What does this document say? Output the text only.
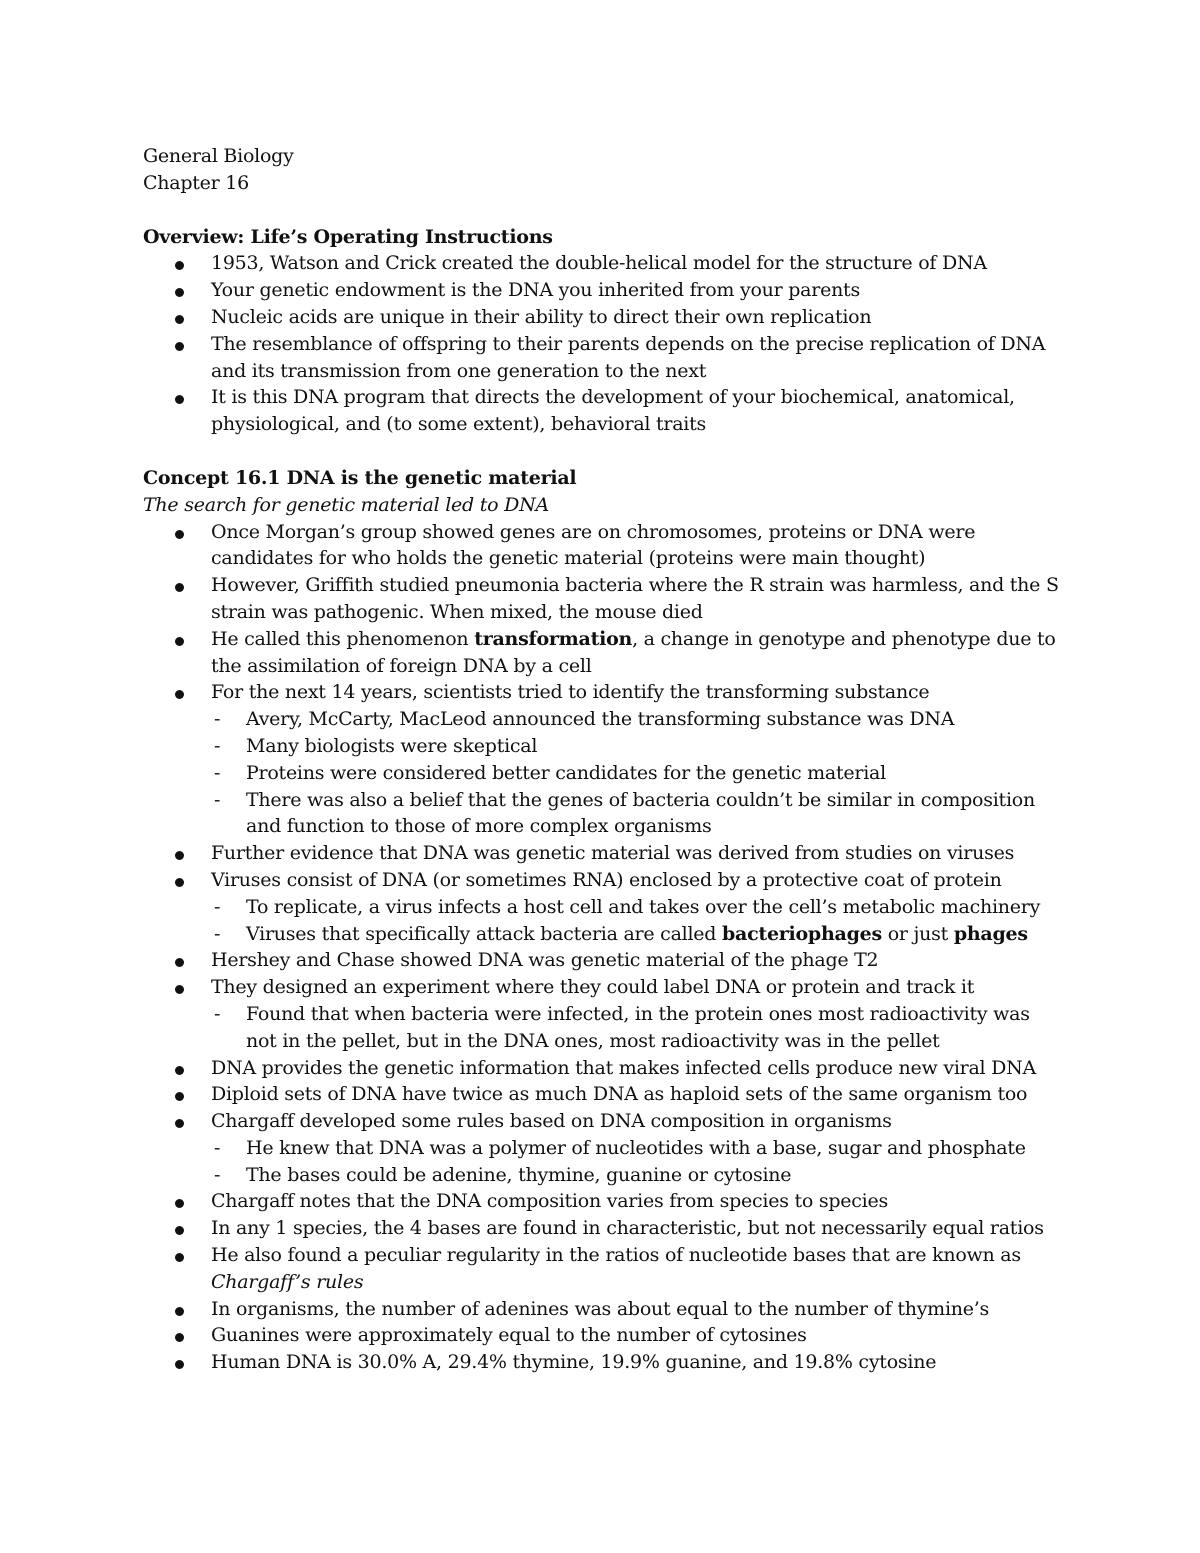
General Biology
Chapter 16
Overview: Life’s Operating Instructions
1953, Watson and Crick created the double-helical model for the structure of DNA
Your genetic endowment is the DNA you inherited from your parents
Nucleic acids are unique in their ability to direct their own replication
The resemblance of offspring to their parents depends on the precise replication of DNA
and its transmission from one generation to the next
It is this DNA program that directs the development of your biochemical, anatomical,
physiological, and (to some extent), behavioral traits
Concept 16.1 DNA is the genetic material
The search for genetic material led to DNA
Once Morgan’s group showed genes are on chromosomes, proteins or DNA were
candidates for who holds the genetic material (proteins were main thought)
However, Griffith studied pneumonia bacteria where the R strain was harmless, and the S
strain was pathogenic. When mixed, the mouse died
He called this phenomenon transformation, a change in genotype and phenotype due to
the assimilation of foreign DNA by a cell
For the next 14 years, scientists tried to identify the transforming substance
- Avery, McCarty, MacLeod announced the transforming substance was DNA
- Many biologists were skeptical
- Proteins were considered better candidates for the genetic material
- There was also a belief that the genes of bacteria couldn’t be similar in composition
and function to those of more complex organisms
Further evidence that DNA was genetic material was derived from studies on viruses
Viruses consist of DNA (or sometimes RNA) enclosed by a protective coat of protein
- To replicate, a virus infects a host cell and takes over the cell’s metabolic machinery
- Viruses that specifically attack bacteria are called bacteriophages or just phages
Hershey and Chase showed DNA was genetic material of the phage T2
They designed an experiment where they could label DNA or protein and track it
- Found that when bacteria were infected, in the protein ones most radioactivity was
not in the pellet, but in the DNA ones, most radioactivity was in the pellet
DNA provides the genetic information that makes infected cells produce new viral DNA
Diploid sets of DNA have twice as much DNA as haploid sets of the same organism too
Chargaff developed some rules based on DNA composition in organisms
- He knew that DNA was a polymer of nucleotides with a base, sugar and phosphate
- The bases could be adenine, thymine, guanine or cytosine
Chargaff notes that the DNA composition varies from species to species
In any 1 species, the 4 bases are found in characteristic, but not necessarily equal ratios
He also found a peculiar regularity in the ratios of nucleotide bases that are known as
Chargaff’s rules
In organisms, the number of adenines was about equal to the number of thymine’s
Guanines were approximately equal to the number of cytosines
Human DNA is 30.0% A, 29.4% thymine, 19.9% guanine, and 19.8% cytosine
